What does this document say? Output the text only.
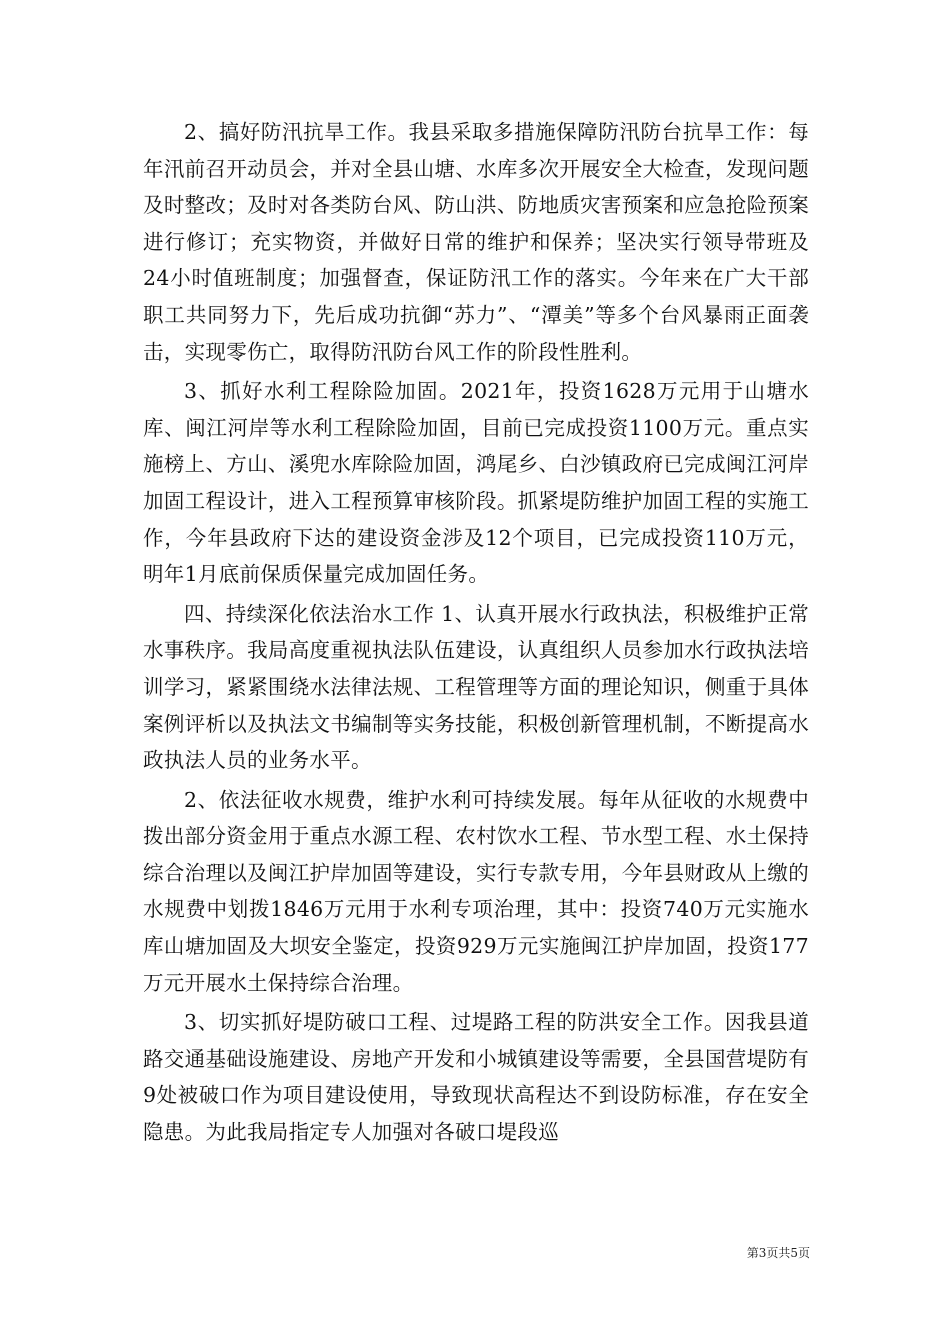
2、搞好防汛抗旱工作。我县采取多措施保障防汛防台抗旱工作：每年汛前召开动员会，并对全县山塘、水库多次开展安全大检查，发现问题及时整改；及时对各类防台风、防山洪、防地质灾害预案和应急抢险预案进行修订；充实物资，并做好日常的维护和保养；坚决实行领导带班及24小时值班制度；加强督查，保证防汛工作的落实。今年来在广大干部职工共同努力下，先后成功抗御“苏力”、“潭美”等多个台风暴雨正面袭击，实现零伤亡，取得防汛防台风工作的阶段性胜利。

3、抓好水利工程除险加固。2021年，投资1628万元用于山塘水库、闽江河岸等水利工程除险加固，目前已完成投资1100万元。重点实施榜上、方山、溪兜水库除险加固，鸿尾乡、白沙镇政府已完成闽江河岸加固工程设计，进入工程预算审核阶段。抓紧堤防维护加固工程的实施工作，今年县政府下达的建设资金涉及12个项目，已完成投资110万元，明年1月底前保质保量完成加固任务。

四、持续深化依法治水工作 1、认真开展水行政执法，积极维护正常水事秩序。我局高度重视执法队伍建设，认真组织人员参加水行政执法培训学习，紧紧围绕水法律法规、工程管理等方面的理论知识，侧重于具体案例评析以及执法文书编制等实务技能，积极创新管理机制，不断提高水政执法人员的业务水平。

2、依法征收水规费，维护水利可持续发展。每年从征收的水规费中拨出部分资金用于重点水源工程、农村饮水工程、节水型工程、水土保持综合治理以及闽江护岸加固等建设，实行专款专用，今年县财政从上缴的水规费中划拨1846万元用于水利专项治理，其中：投资740万元实施水库山塘加固及大坝安全鉴定，投资929万元实施闽江护岸加固，投资177万元开展水土保持综合治理。

3、切实抓好堤防破口工程、过堤路工程的防洪安全工作。因我县道路交通基础设施建设、房地产开发和小城镇建设等需要，全县国营堤防有9处被破口作为项目建设使用，导致现状高程达不到设防标准，存在安全隐患。为此我局指定专人加强对各破口堤段巡

第3页共5页
